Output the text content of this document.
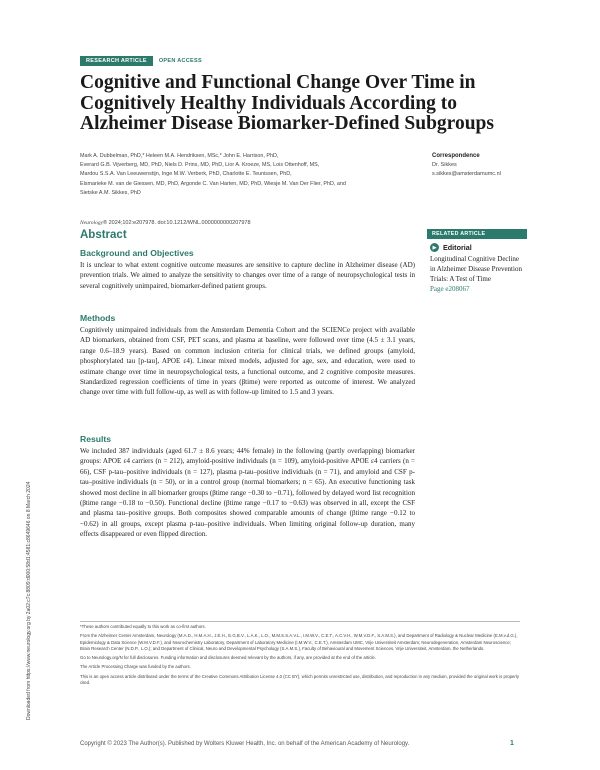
Downloaded from https://www.neurology.org by 2a02:c7c:8809:d000:58d1:4581:c8649646 on 8 March 2024
RESEARCH ARTICLE	OPEN ACCESS
Cognitive and Functional Change Over Time in Cognitively Healthy Individuals According to Alzheimer Disease Biomarker-Defined Subgroups
Mark A. Dubbelman, PhD,* Heleen M.A. Hendriksen, MSc,* John E. Harrison, PhD,
Everard G.B. Vijverberg, MD, PhD, Niels D. Prins, MD, PhD, Lior A. Kroeze, MS, Lois Ottenhoff, MS,
Mardou S.S.A. Van Leeuwenstijn, Inge M.W. Verberk, PhD, Charlotte E. Teunissen, PhD,
Elsmarieke M. van de Giessen, MD, PhD, Argonde C. Van Harten, MD, PhD, Wiesje M. Van Der Flier, PhD, and
Sietske A.M. Sikkes, PhD
Correspondence
Dr. Sikkes
s.sikkes@amsterdamumc.nl
Neurology® 2024;102:e207978. doi:10.1212/WNL.0000000000207978
Abstract
Background and Objectives

It is unclear to what extent cognitive outcome measures are sensitive to capture decline in Alzheimer disease (AD) prevention trials. We aimed to analyze the sensitivity to changes over time of a range of neuropsychological tests in several cognitively unimpaired, biomarker-defined patient groups.

Methods

Cognitively unimpaired individuals from the Amsterdam Dementia Cohort and the SCIENCe project with available AD biomarkers, obtained from CSF, PET scans, and plasma at baseline, were followed over time (4.5 ± 3.1 years, range 0.6–18.9 years). Based on common inclusion criteria for clinical trials, we defined groups (amyloid, phosphorylated tau [p-tau], APOE ε4). Linear mixed models, adjusted for age, sex, and education, were used to estimate change over time in neuropsychological tests, a functional outcome, and 2 cognitive composite measures. Standardized regression coefficients of time in years (βtime) were reported as outcome of interest. We analyzed change over time with full follow-up, as well as with follow-up limited to 1.5 and 3 years.

Results

We included 387 individuals (aged 61.7 ± 8.6 years; 44% female) in the following (partly overlapping) biomarker groups: APOE ε4 carriers (n = 212), amyloid-positive individuals (n = 109), amyloid-positive APOE ε4 carriers (n = 66), CSF p-tau–positive individuals (n = 127), plasma p-tau–positive individuals (n = 71), and amyloid and CSF p-tau–positive individuals (n = 50), or in a control group (normal biomarkers; n = 65). An executive functioning task showed most decline in all biomarker groups (βtime range −0.30 to −0.71), followed by delayed word list recognition (βtime range −0.18 to −0.50). Functional decline (βtime range −0.17 to −0.63) was observed in all, except the CSF and plasma tau–positive groups. Both composites showed comparable amounts of change (βtime range −0.12 to −0.62) in all groups, except plasma p-tau–positive individuals. When limiting original follow-up duration, many effects disappeared or even flipped direction.

RELATED ARTICLE
▶ Editorial
Longitudinal Cognitive Decline in Alzheimer Disease Prevention Trials: A Test of Time
Page e208067

*These authors contributed equally to this work as co-first authors.

From the Alzheimer Center Amsterdam, Neurology (M.A.D., H.M.A.H., J.E.H., E.G.B.V., L.A.K., L.O., M.M.S.S.A.V.L., I.M.W.V., C.E.T., A.C.V.H., W.M.V.D.F., S.A.M.S.), and Department of Radiology & Nuclear Medicine (E.M.v.d.G.), Epidemiology & Data Science (W.M.V.D.F.), and Neurochemistry Laboratory, Department of Laboratory Medicine (I.M.W.V., C.E.T.), Amsterdam UMC, Vrije Universiteit Amsterdam; Neurodegeneration, Amsterdam Neuroscience; Brain Research Center (N.D.P., L.O.); and Department of Clinical, Neuro and Developmental Psychology (S.A.M.S.), Faculty of Behavioural and Movement Sciences, Vrije Universiteit, Amsterdam, the Netherlands.

Go to Neurology.org/N for full disclosures. Funding information and disclosures deemed relevant by the authors, if any, are provided at the end of the article.

The Article Processing Charge was funded by the authors.

This is an open access article distributed under the terms of the Creative Commons Attribution License 4.0 (CC BY), which permits unrestricted use, distribution, and reproduction in any medium, provided the original work is properly cited.

Copyright © 2023 The Author(s). Published by Wolters Kluwer Health, Inc. on behalf of the American Academy of Neurology.	1
